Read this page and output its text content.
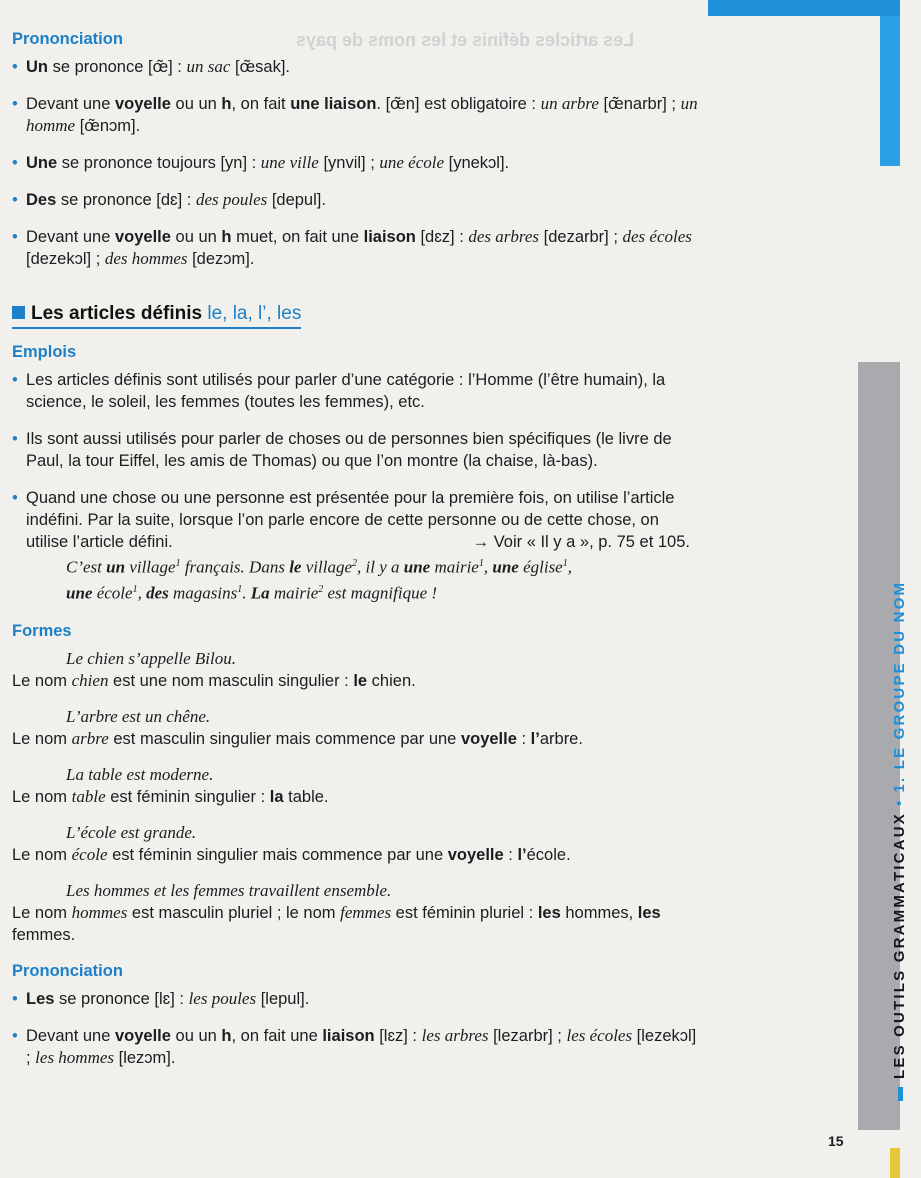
Les articles définis et les noms de pays
Prononciation
• Un se prononce [œ̃] : un sac [œ̃sak].
• Devant une voyelle ou un h, on fait une liaison. [œ̃n] est obligatoire : un arbre [œ̃narbr] ; un homme [œ̃nɔm].
• Une se prononce toujours [yn] : une ville [ynvil] ; une école [ynekɔl].
• Des se prononce [dɛ] : des poules [depul].
• Devant une voyelle ou un h muet, on fait une liaison [dɛz] : des arbres [dezarbr] ; des écoles [dezekɔl] ; des hommes [dezɔm].
Les articles définis le, la, l’, les
Emplois
• Les articles définis sont utilisés pour parler d’une catégorie : l’Homme (l’être humain), la science, le soleil, les femmes (toutes les femmes), etc.
• Ils sont aussi utilisés pour parler de choses ou de personnes bien spécifiques (le livre de Paul, la tour Eiffel, les amis de Thomas) ou que l’on montre (la chaise, là-bas).
• Quand une chose ou une personne est présentée pour la première fois, on utilise l’article indéfini. Par la suite, lorsque l’on parle encore de cette personne ou de cette chose, on utilise l’article défini.	→ Voir « Il y a », p. 75 et 105.
C’est un village$^1$ français. Dans le village$^2$, il y a une mairie$^1$, une église$^1$,
une école$^1$, des magasins$^1$. La mairie$^2$ est magnifique !
Formes
Le chien s’appelle Bilou.
Le nom chien est une nom masculin singulier : le chien.
L’arbre est un chêne.
Le nom arbre est masculin singulier mais commence par une voyelle : l’arbre.
La table est moderne.
Le nom table est féminin singulier : la table.
L’école est grande.
Le nom école est féminin singulier mais commence par une voyelle : l’école.
Les hommes et les femmes travaillent ensemble.
Le nom hommes est masculin pluriel ; le nom femmes est féminin pluriel : les hommes, les femmes.
Prononciation
• Les se prononce [lɛ] : les poules [lepul].
• Devant une voyelle ou un h, on fait une liaison [lɛz] : les arbres [lezarbr] ; les écoles [lezekɔl] ; les hommes [lezɔm].	LES OUTILS GRAMMATICAUX•1. LE GROUPE DU NOM
15
